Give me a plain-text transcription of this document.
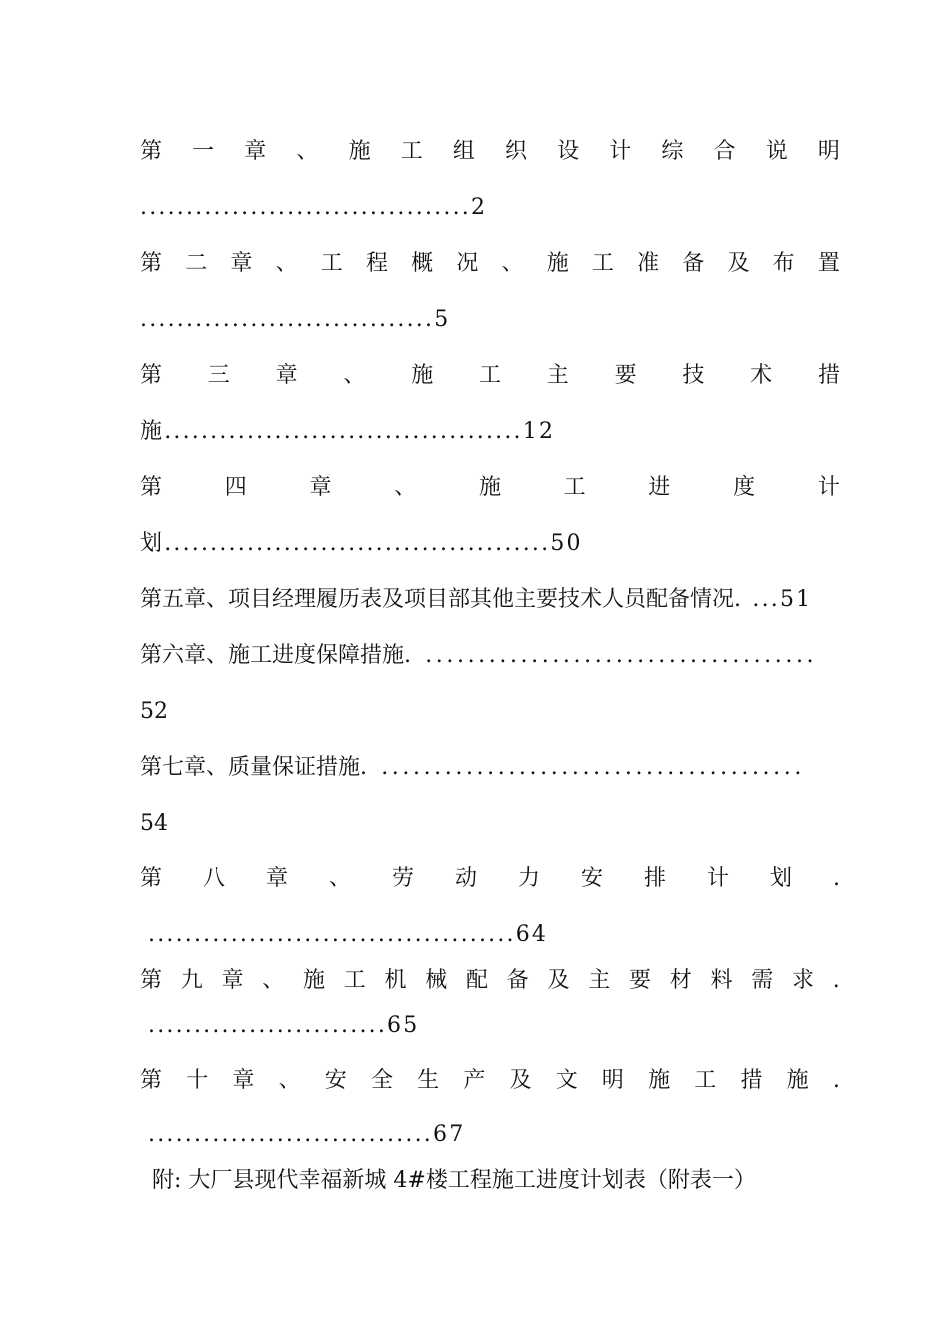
第 一 章 、 施 工 组 织 设 计 综 合 说 明
....................................2
第 二 章 、 工 程 概 况 、 施 工 准 备 及 布 置
................................5
第 三 章 、 施 工 主 要 技 术 措
施.......................................12
第	四	章	、	施	工	进	度	计
划..........................................50
第五章、项目经理履历表及项目部其他主要技术人员配备情况. ...51
第六章、施工进度保障措施. .....................................
52
第七章、质量保证措施. ........................................
54
第 八 章 、 劳 动 力 安 排 计 划 .
........................................64
第 九 章 、 施 工 机 械 配 备 及 主 要 材 料 需 求 .
..........................65
第 十 章 、 安 全 生 产 及 文 明 施 工 措 施 .
...............................67
附: 大厂县现代幸福新城 4#楼工程施工进度计划表（附表一）
